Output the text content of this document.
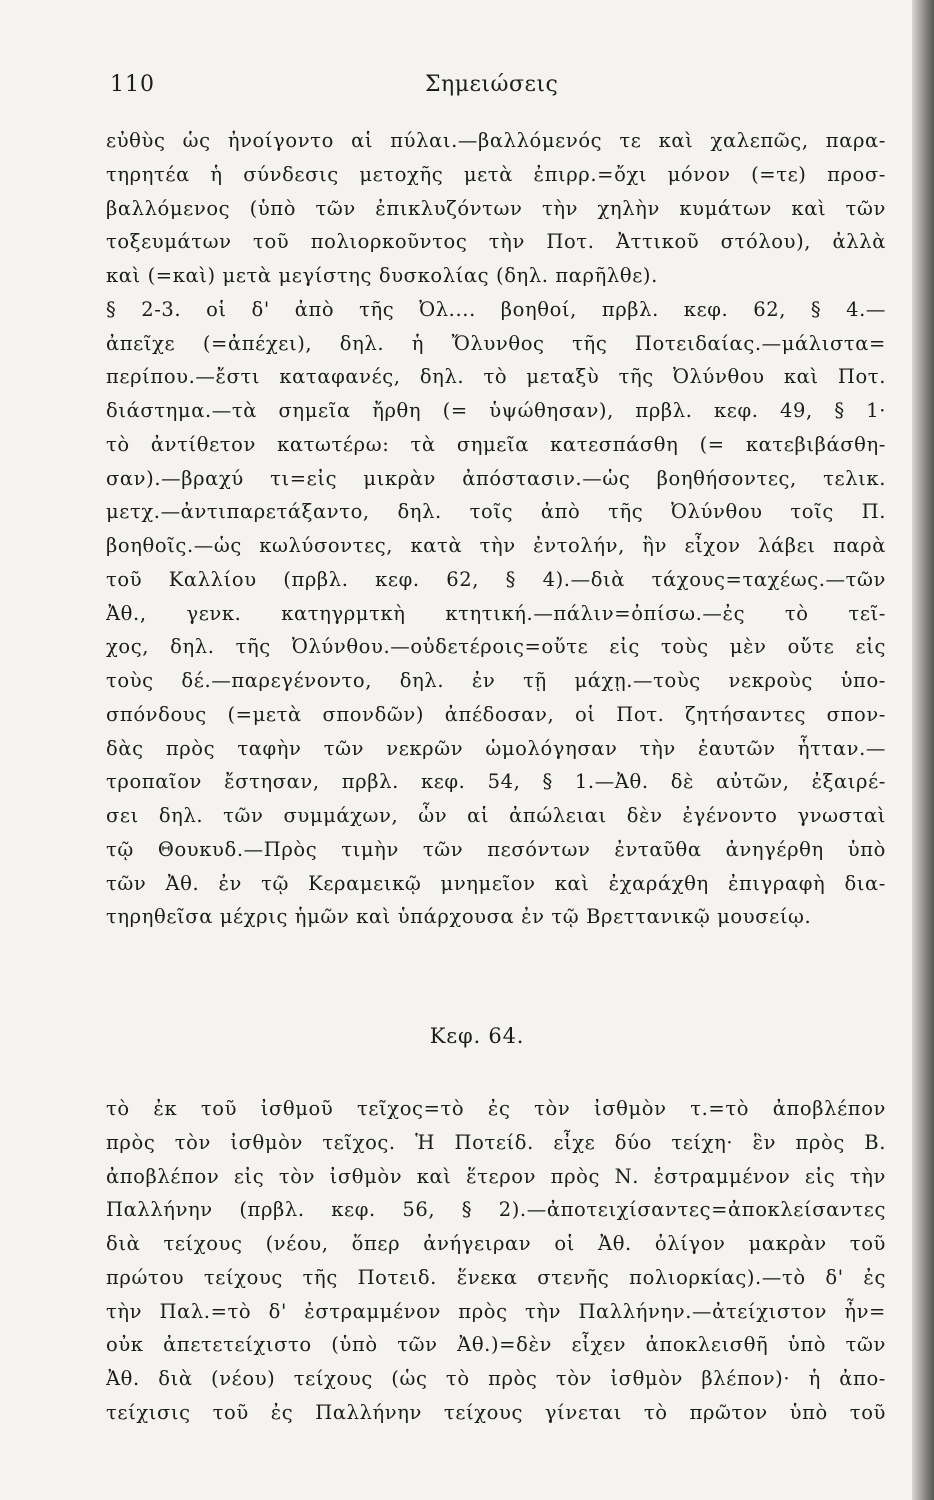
110	Σημειώσεις
εὐθὺς ὡς ἠνοίγοντο αἱ πύλαι.—βαλλόμενός τε καὶ χαλεπῶς, παρα-
τηρητέα ἡ σύνδεσις μετοχῆς μετὰ ἐπιρρ.=ὄχι μόνον (=τε) προσ-
βαλλόμενος (ὑπὸ τῶν ἐπικλυζόντων τὴν χηλὴν κυμάτων καὶ τῶν
τοξευμάτων τοῦ πολιορκοῦντος τὴν Ποτ. Ἀττικοῦ στόλου), ἀλλὰ
καὶ (=καὶ) μετὰ μεγίστης δυσκολίας (δηλ. παρῆλθε).
§ 2-3. οἱ δ' ἀπὸ τῆς Ὀλ.... βοηθοί, πρβλ. κεφ. 62, § 4.—
ἀπεῖχε (=ἀπέχει), δηλ. ἡ Ὄλυνθος τῆς Ποτειδαίας.—μάλιστα=
περίπου.—ἔστι καταφανές, δηλ. τὸ μεταξὺ τῆς Ὀλύνθου καὶ Ποτ.
διάστημα.—τὰ σημεῖα ἤρθη (= ὑψώθησαν), πρβλ. κεφ. 49, § 1·
τὸ ἀντίθετον κατωτέρω: τὰ σημεῖα κατεσπάσθη (= κατεβιβάσθη-
σαν).—βραχύ τι=εἰς μικρὰν ἀπόστασιν.—ὡς βοηθήσοντες, τελικ.
μετχ.—ἀντιπαρετάξαντο, δηλ. τοῖς ἀπὸ τῆς Ὀλύνθου τοῖς Π.
βοηθοῖς.—ὡς κωλύσοντες, κατὰ τὴν ἐντολήν, ἣν εἶχον λάβει παρὰ
τοῦ Καλλίου (πρβλ. κεφ. 62, § 4).—διὰ τάχους=ταχέως.—τῶν
Ἀθ., γενκ. κατηγρμτκὴ κτητική.—πάλιν=ὀπίσω.—ἐς τὸ τεῖ-
χος, δηλ. τῆς Ὀλύνθου.—οὐδετέροις=οὔτε εἰς τοὺς μὲν οὔτε εἰς
τοὺς δέ.—παρεγένοντο, δηλ. ἐν τῇ μάχῃ.—τοὺς νεκροὺς ὑπο-
σπόνδους (=μετὰ σπονδῶν) ἀπέδοσαν, οἱ Ποτ. ζητήσαντες σπον-
δὰς πρὸς ταφὴν τῶν νεκρῶν ὡμολόγησαν τὴν ἑαυτῶν ἧτταν.—
τροπαῖον ἔστησαν, πρβλ. κεφ. 54, § 1.—Ἀθ. δὲ αὐτῶν, ἐξαιρέ-
σει δηλ. τῶν συμμάχων, ὧν αἱ ἀπώλειαι δὲν ἐγένοντο γνωσταὶ
τῷ Θουκυδ.—Πρὸς τιμὴν τῶν πεσόντων ἐνταῦθα ἀνηγέρθη ὑπὸ
τῶν Ἀθ. ἐν τῷ Κεραμεικῷ μνημεῖον καὶ ἐχαράχθη ἐπιγραφὴ δια-
τηρηθεῖσα μέχρις ἡμῶν καὶ ὑπάρχουσα ἐν τῷ Βρεττανικῷ μουσείῳ.
Κεφ. 64.
τὸ ἐκ τοῦ ἰσθμοῦ τεῖχος=τὸ ἐς τὸν ἰσθμὸν τ.=τὸ ἀποβλέπον
πρὸς τὸν ἰσθμὸν τεῖχος. Ἡ Ποτείδ. εἶχε δύο τείχη· ἓν πρὸς Β.
ἀποβλέπον εἰς τὸν ἰσθμὸν καὶ ἕτερον πρὸς Ν. ἐστραμμένον εἰς τὴν
Παλλήνην (πρβλ. κεφ. 56, § 2).—ἀποτειχίσαντες=ἀποκλείσαντες
διὰ τείχους (νέου, ὅπερ ἀνήγειραν οἱ Ἀθ. ὀλίγον μακρὰν τοῦ
πρώτου τείχους τῆς Ποτειδ. ἕνεκα στενῆς πολιορκίας).—τὸ δ' ἐς
τὴν Παλ.=τὸ δ' ἐστραμμένον πρὸς τὴν Παλλήνην.—ἀτείχιστον ἦν=
οὐκ ἀπετετείχιστο (ὑπὸ τῶν Ἀθ.)=δὲν εἶχεν ἀποκλεισθῆ ὑπὸ τῶν
Ἀθ. διὰ (νέου) τείχους (ὡς τὸ πρὸς τὸν ἰσθμὸν βλέπον)· ἡ ἀπο-
τείχισις τοῦ ἐς Παλλήνην τείχους γίνεται τὸ πρῶτον ὑπὸ τοῦ
